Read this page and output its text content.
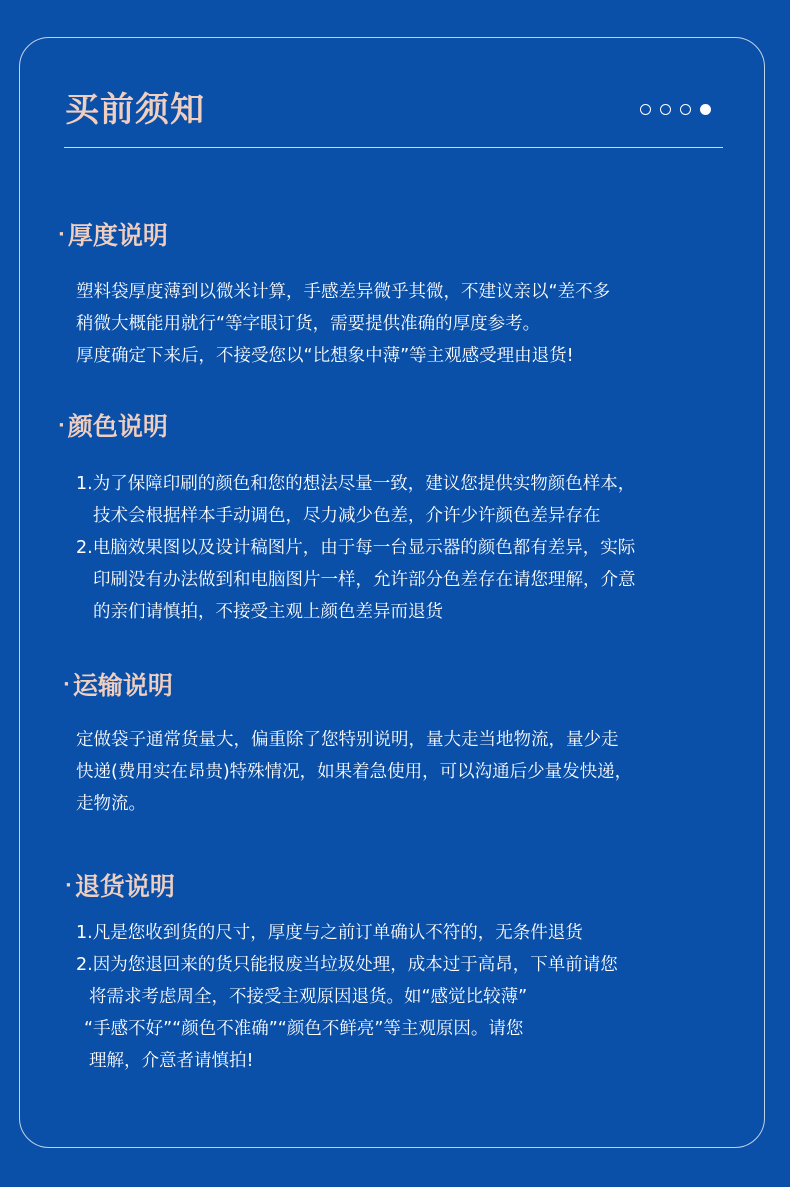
买前须知
· 厚度说明
塑料袋厚度薄到以微米计算，手感差异微乎其微，不建议亲以“差不多
稍微大概能用就行“等字眼订货，需要提供准确的厚度参考。
厚度确定下来后，不接受您以“比想象中薄”等主观感受理由退货!
· 颜色说明
1.为了保障印刷的颜色和您的想法尽量一致，建议您提供实物颜色样本，
技术会根据样本手动调色，尽力减少色差，介许少许颜色差异存在
2.电脑效果图以及设计稿图片，由于每一台显示器的颜色都有差异，实际
印刷没有办法做到和电脑图片一样，允许部分色差存在请您理解，介意
的亲们请慎拍，不接受主观上颜色差异而退货
· 运输说明
定做袋子通常货量大，偏重除了您特别说明，量大走当地物流，量少走
快递(费用实在昂贵)特殊情况，如果着急使用，可以沟通后少量发快递，
走物流。
· 退货说明
1.凡是您收到货的尺寸，厚度与之前订单确认不符的，无条件退货
2.因为您退回来的货只能报废当垃圾处理，成本过于高昂，下单前请您
将需求考虑周全，不接受主观原因退货。如“感觉比较薄”
“手感不好”“颜色不准确”“颜色不鲜亮”等主观原因。请您
理解，介意者请慎拍!
